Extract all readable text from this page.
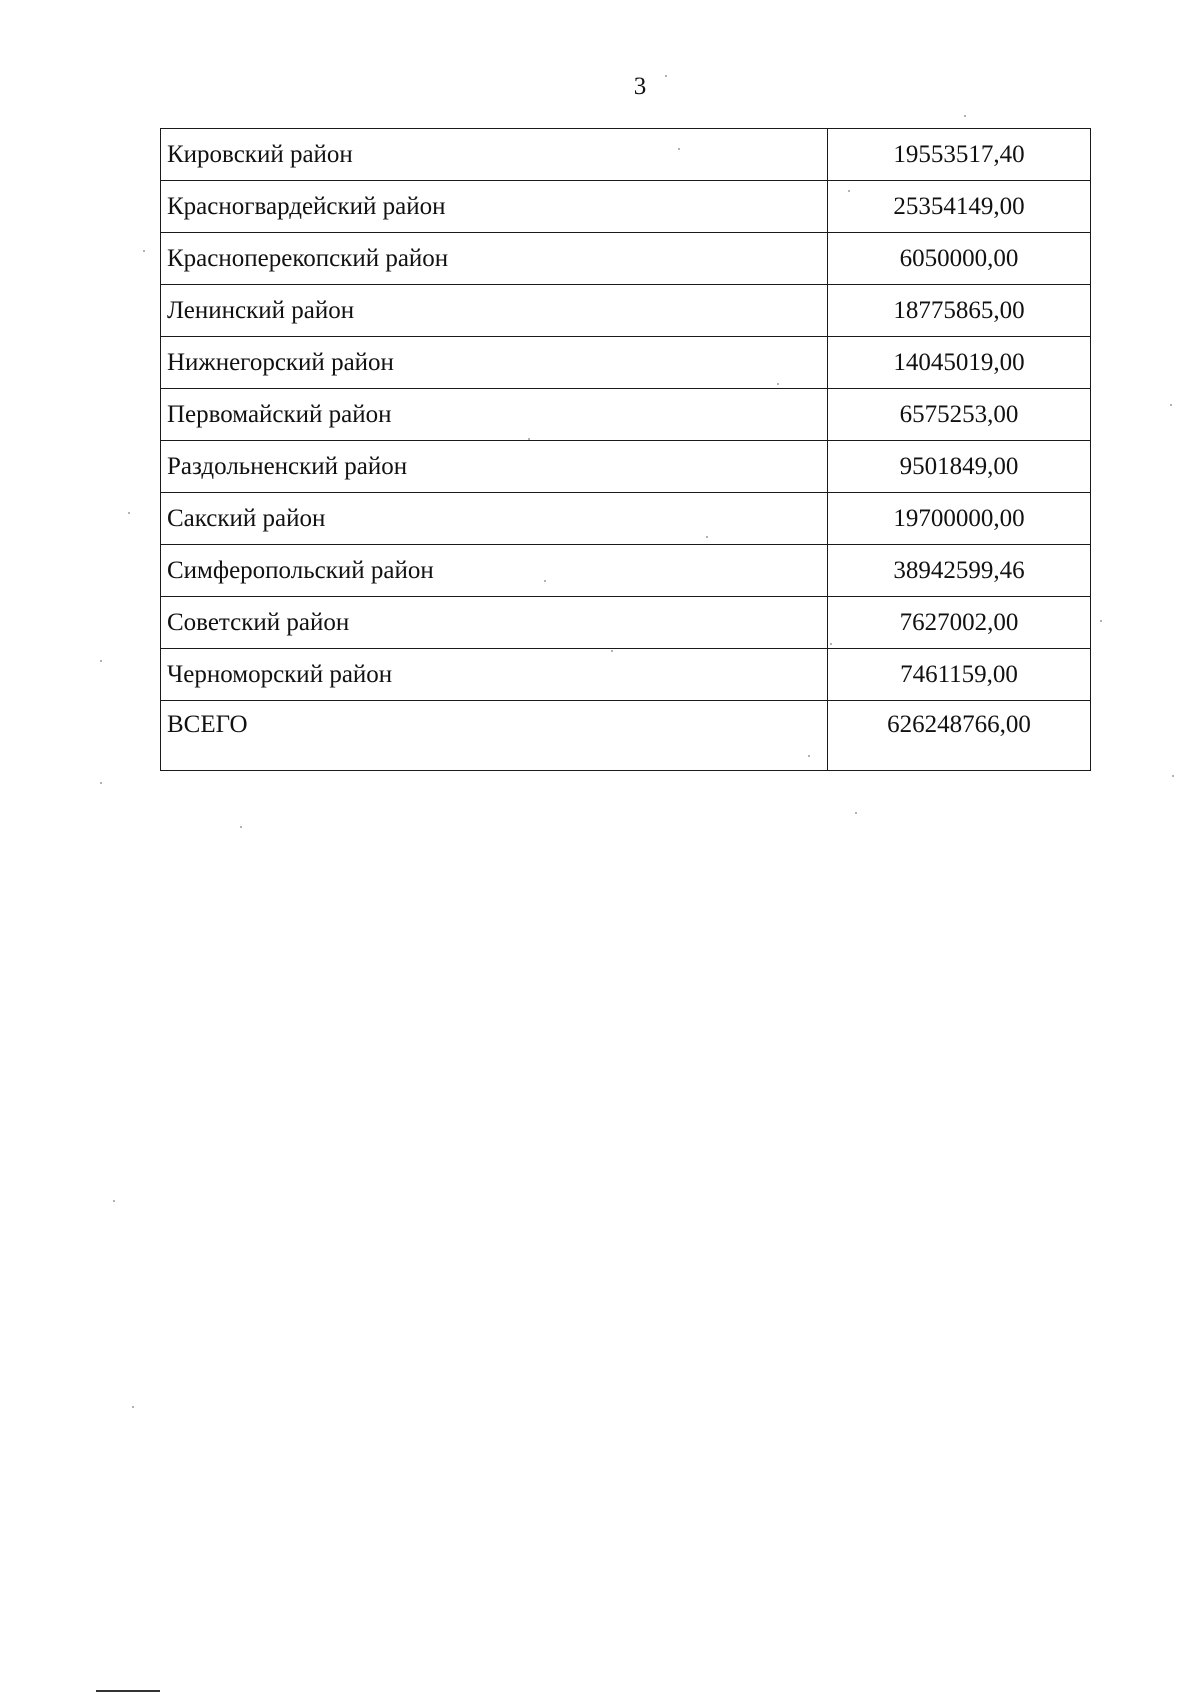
3
Кировский район	19553517,40
Красногвардейский район	25354149,00
Красноперекопский район	6050000,00
Ленинский район	18775865,00
Нижнегорский район	14045019,00
Первомайский район	6575253,00
Раздольненский район	9501849,00
Сакский район	19700000,00
Симферопольский район	38942599,46
Советский район	7627002,00
Черноморский район	7461159,00
ВСЕГО	626248766,00
